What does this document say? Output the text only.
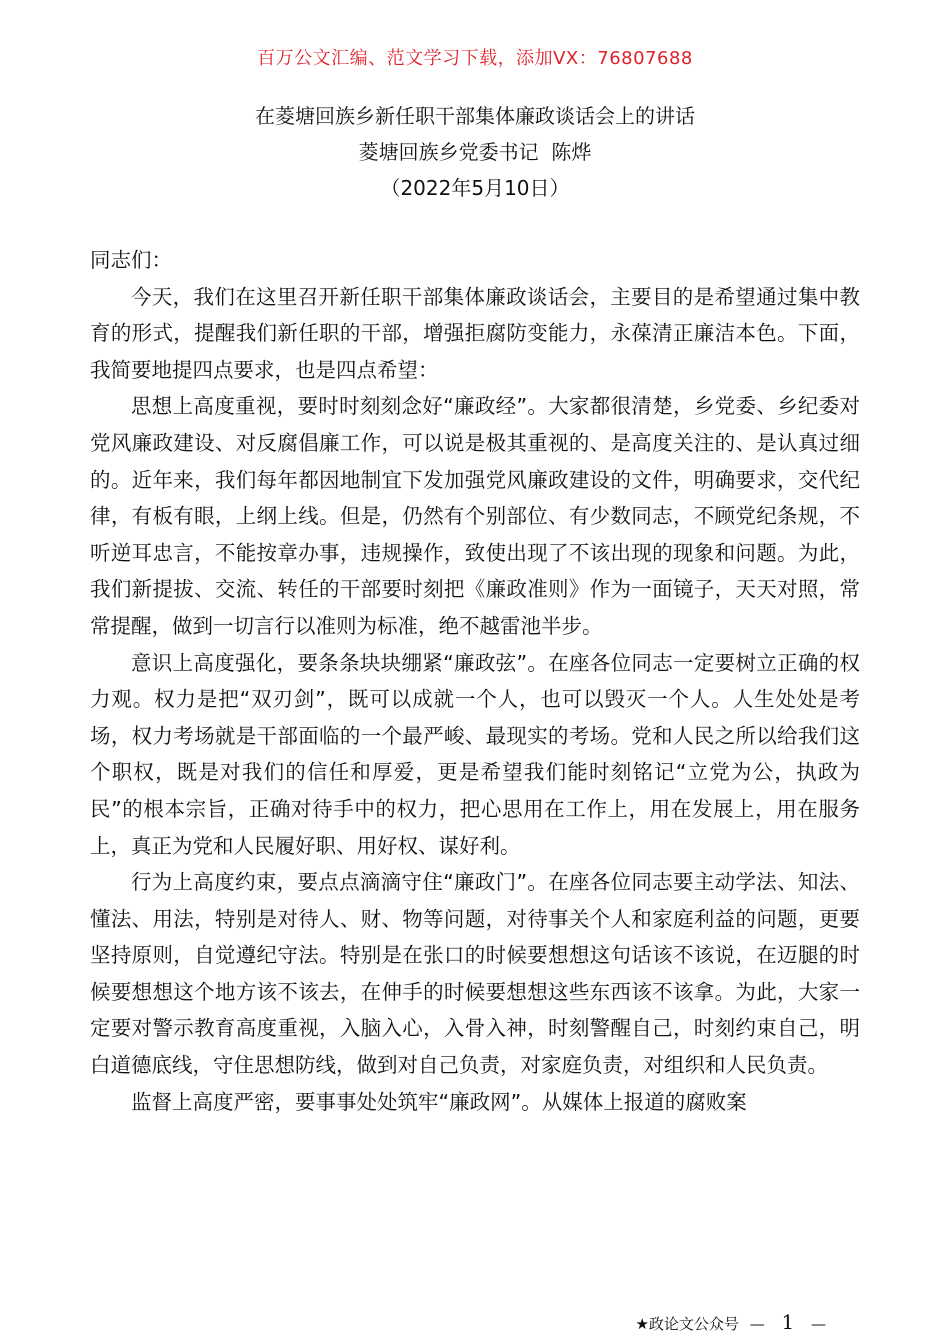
百万公文汇编、范文学习下载，添加VX：76807688
在菱塘回族乡新任职干部集体廉政谈话会上的讲话
菱塘回族乡党委书记  陈烨
（2022年5月10日）

同志们：

今天，我们在这里召开新任职干部集体廉政谈话会，主要目的是希望通过集中教育的形式，提醒我们新任职的干部，增强拒腐防变能力，永葆清正廉洁本色。下面，我简要地提四点要求，也是四点希望：

思想上高度重视，要时时刻刻念好“廉政经”。大家都很清楚，乡党委、乡纪委对党风廉政建设、对反腐倡廉工作，可以说是极其重视的、是高度关注的、是认真过细的。近年来，我们每年都因地制宜下发加强党风廉政建设的文件，明确要求，交代纪律，有板有眼，上纲上线。但是，仍然有个别部位、有少数同志，不顾党纪条规，不听逆耳忠言，不能按章办事，违规操作，致使出现了不该出现的现象和问题。为此，我们新提拔、交流、转任的干部要时刻把《廉政准则》作为一面镜子，天天对照，常常提醒，做到一切言行以准则为标准，绝不越雷池半步。

意识上高度强化，要条条块块绷紧“廉政弦”。在座各位同志一定要树立正确的权力观。权力是把“双刃剑”，既可以成就一个人，也可以毁灭一个人。人生处处是考场，权力考场就是干部面临的一个最严峻、最现实的考场。党和人民之所以给我们这个职权，既是对我们的信任和厚爱，更是希望我们能时刻铭记“立党为公，执政为民”的根本宗旨，正确对待手中的权力，把心思用在工作上，用在发展上，用在服务上，真正为党和人民履好职、用好权、谋好利。

行为上高度约束，要点点滴滴守住“廉政门”。在座各位同志要主动学法、知法、懂法、用法，特别是对待人、财、物等问题，对待事关个人和家庭利益的问题，更要坚持原则，自觉遵纪守法。特别是在张口的时候要想想这句话该不该说，在迈腿的时候要想想这个地方该不该去，在伸手的时候要想想这些东西该不该拿。为此，大家一定要对警示教育高度重视，入脑入心，入骨入神，时刻警醒自己，时刻约束自己，明白道德底线，守住思想防线，做到对自己负责，对家庭负责，对组织和人民负责。

监督上高度严密，要事事处处筑牢“廉政网”。从媒体上报道的腐败案

★政论文公众号 — 1 —
